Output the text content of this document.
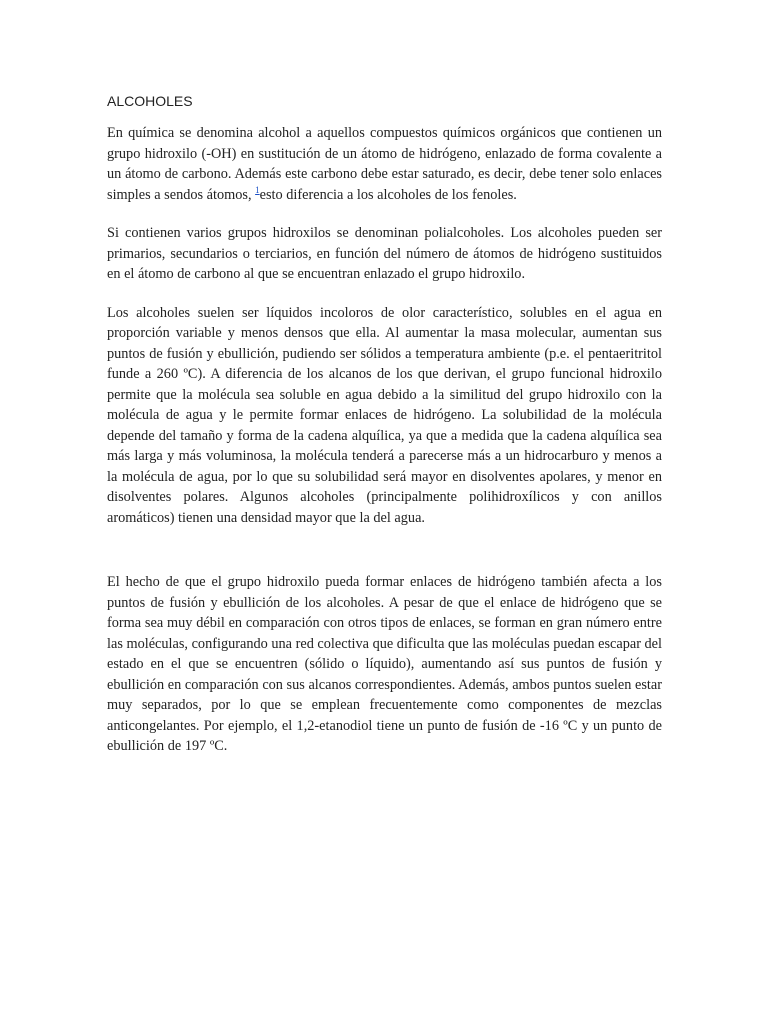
ALCOHOLES

En química se denomina alcohol a aquellos compuestos químicos orgánicos que contienen un grupo hidroxilo (-OH) en sustitución de un átomo de hidrógeno, enlazado de forma covalente a un átomo de carbono. Además este carbono debe estar saturado, es decir, debe tener solo enlaces simples a sendos átomos, $^1$esto diferencia a los alcoholes de los fenoles.

Si contienen varios grupos hidroxilos se denominan polialcoholes. Los alcoholes pueden ser primarios, secundarios o terciarios, en función del número de átomos de hidrógeno sustituidos en el átomo de carbono al que se encuentran enlazado el grupo hidroxilo.

Los alcoholes suelen ser líquidos incoloros de olor característico, solubles en el agua en proporción variable y menos densos que ella. Al aumentar la masa molecular, aumentan sus puntos de fusión y ebullición, pudiendo ser sólidos a temperatura ambiente (p.e. el pentaeritritol funde a 260 ºC). A diferencia de los alcanos de los que derivan, el grupo funcional hidroxilo permite que la molécula sea soluble en agua debido a la similitud del grupo hidroxilo con la molécula de agua y le permite formar enlaces de hidrógeno. La solubilidad de la molécula depende del tamaño y forma de la cadena alquílica, ya que a medida que la cadena alquílica sea más larga y más voluminosa, la molécula tenderá a parecerse más a un hidrocarburo y menos a la molécula de agua, por lo que su solubilidad será mayor en disolventes apolares, y menor en disolventes polares. Algunos alcoholes (principalmente polihidroxílicos y con anillos aromáticos) tienen una densidad mayor que la del agua.

El hecho de que el grupo hidroxilo pueda formar enlaces de hidrógeno también afecta a los puntos de fusión y ebullición de los alcoholes. A pesar de que el enlace de hidrógeno que se forma sea muy débil en comparación con otros tipos de enlaces, se forman en gran número entre las moléculas, configurando una red colectiva que dificulta que las moléculas puedan escapar del estado en el que se encuentren (sólido o líquido), aumentando así sus puntos de fusión y ebullición en comparación con sus alcanos correspondientes. Además, ambos puntos suelen estar muy separados, por lo que se emplean frecuentemente como componentes de mezclas anticongelantes. Por ejemplo, el 1,2-etanodiol tiene un punto de fusión de -16 ºC y un punto de ebullición de 197 ºC.
